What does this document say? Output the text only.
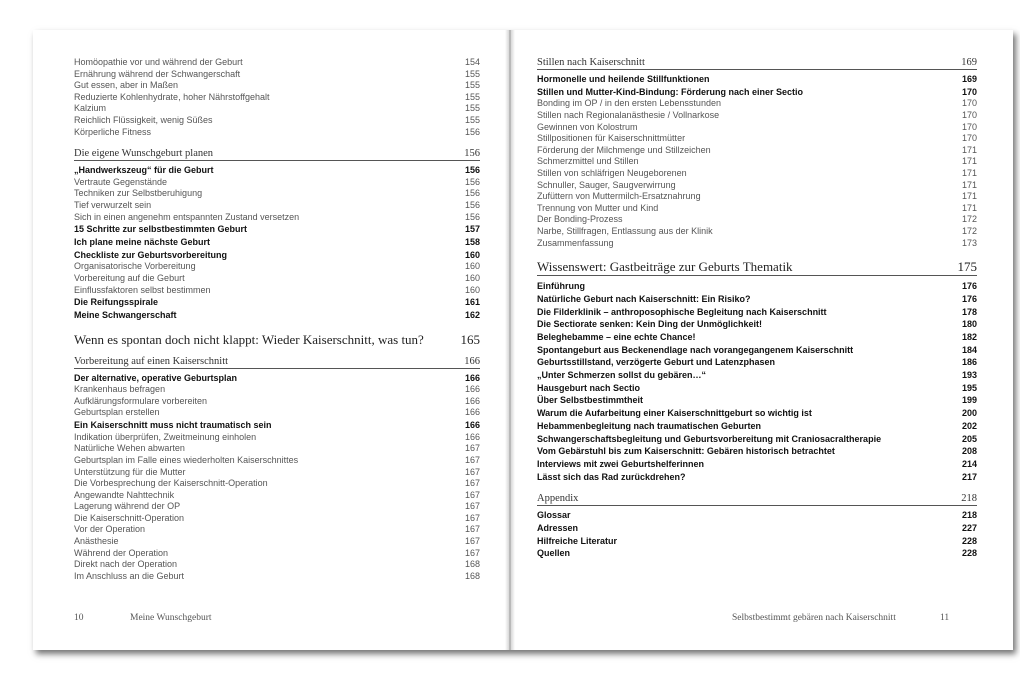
Homöopathie vor und während der Geburt	154
Ernährung während der Schwangerschaft	155
Gut essen, aber in Maßen	155
Reduzierte Kohlenhydrate, hoher Nährstoffgehalt	155
Kalzium	155
Reichlich Flüssigkeit, wenig Süßes	155
Körperliche Fitness	156
Die eigene Wunschgeburt planen	156
„Handwerkszeug“ für die Geburt	156
Vertraute Gegenstände	156
Techniken zur Selbstberuhigung	156
Tief verwurzelt sein	156
Sich in einen angenehm entspannten Zustand versetzen	156
15 Schritte zur selbstbestimmten Geburt	157
Ich plane meine nächste Geburt	158
Checkliste zur Geburtsvorbereitung	160
Organisatorische Vorbereitung	160
Vorbereitung auf die Geburt	160
Einflussfaktoren selbst bestimmen	160
Die Reifungsspirale	161
Meine Schwangerschaft	162
Wenn es spontan doch nicht klappt: Wieder Kaiserschnitt, was tun?	165
Vorbereitung auf einen Kaiserschnitt	166
Der alternative, operative Geburtsplan	166
Krankenhaus befragen	166
Aufklärungsformulare vorbereiten	166
Geburtsplan erstellen	166
Ein Kaiserschnitt muss nicht traumatisch sein	166
Indikation überprüfen, Zweitmeinung einholen	166
Natürliche Wehen abwarten	167
Geburtsplan im Falle eines wiederholten Kaiserschnittes	167
Unterstützung für die Mutter	167
Die Vorbesprechung der Kaiserschnitt-Operation	167
Angewandte Nahttechnik	167
Lagerung während der OP	167
Die Kaiserschnitt-Operation	167
Vor der Operation	167
Anästhesie	167
Während der Operation	167
Direkt nach der Operation	168
Im Anschluss an die Geburt	168
10	Meine Wunschgeburt
Stillen nach Kaiserschnitt	169
Hormonelle und heilende Stillfunktionen	169
Stillen und Mutter-Kind-Bindung: Förderung nach einer Sectio	170
Bonding im OP / in den ersten Lebensstunden	170
Stillen nach Regionalanästhesie / Vollnarkose	170
Gewinnen von Kolostrum	170
Stillpositionen für Kaiserschnittmütter	170
Förderung der Milchmenge und Stillzeichen	171
Schmerzmittel und Stillen	171
Stillen von schläfrigen Neugeborenen	171
Schnuller, Sauger, Saugverwirrung	171
Zufüttern von Muttermilch-Ersatznahrung	171
Trennung von Mutter und Kind	171
Der Bonding-Prozess	172
Narbe, Stillfragen, Entlassung aus der Klinik	172
Zusammenfassung	173
Wissenswert: Gastbeiträge zur Geburts Thematik	175
Einführung	176
Natürliche Geburt nach Kaiserschnitt: Ein Risiko?	176
Die Filderklinik – anthroposophische Begleitung nach Kaiserschnitt	178
Die Sectiorate senken: Kein Ding der Unmöglichkeit!	180
Beleghebamme – eine echte Chance!	182
Spontangeburt aus Beckenendlage nach vorangegangenem Kaiserschnitt	184
Geburtsstillstand, verzögerte Geburt und Latenzphasen	186
„Unter Schmerzen sollst du gebären…“	193
Hausgeburt nach Sectio	195
Über Selbstbestimmtheit	199
Warum die Aufarbeitung einer Kaiserschnittgeburt so wichtig ist	200
Hebammenbegleitung nach traumatischen Geburten	202
Schwangerschaftsbegleitung und Geburtsvorbereitung mit Craniosacraltherapie	205
Vom Gebärstuhl bis zum Kaiserschnitt: Gebären historisch betrachtet	208
Interviews mit zwei Geburtshelferinnen	214
Lässt sich das Rad zurückdrehen?	217
Appendix	218
Glossar	218
Adressen	227
Hilfreiche Literatur	228
Quellen	228
Selbstbestimmt gebären nach Kaiserschnitt	11
